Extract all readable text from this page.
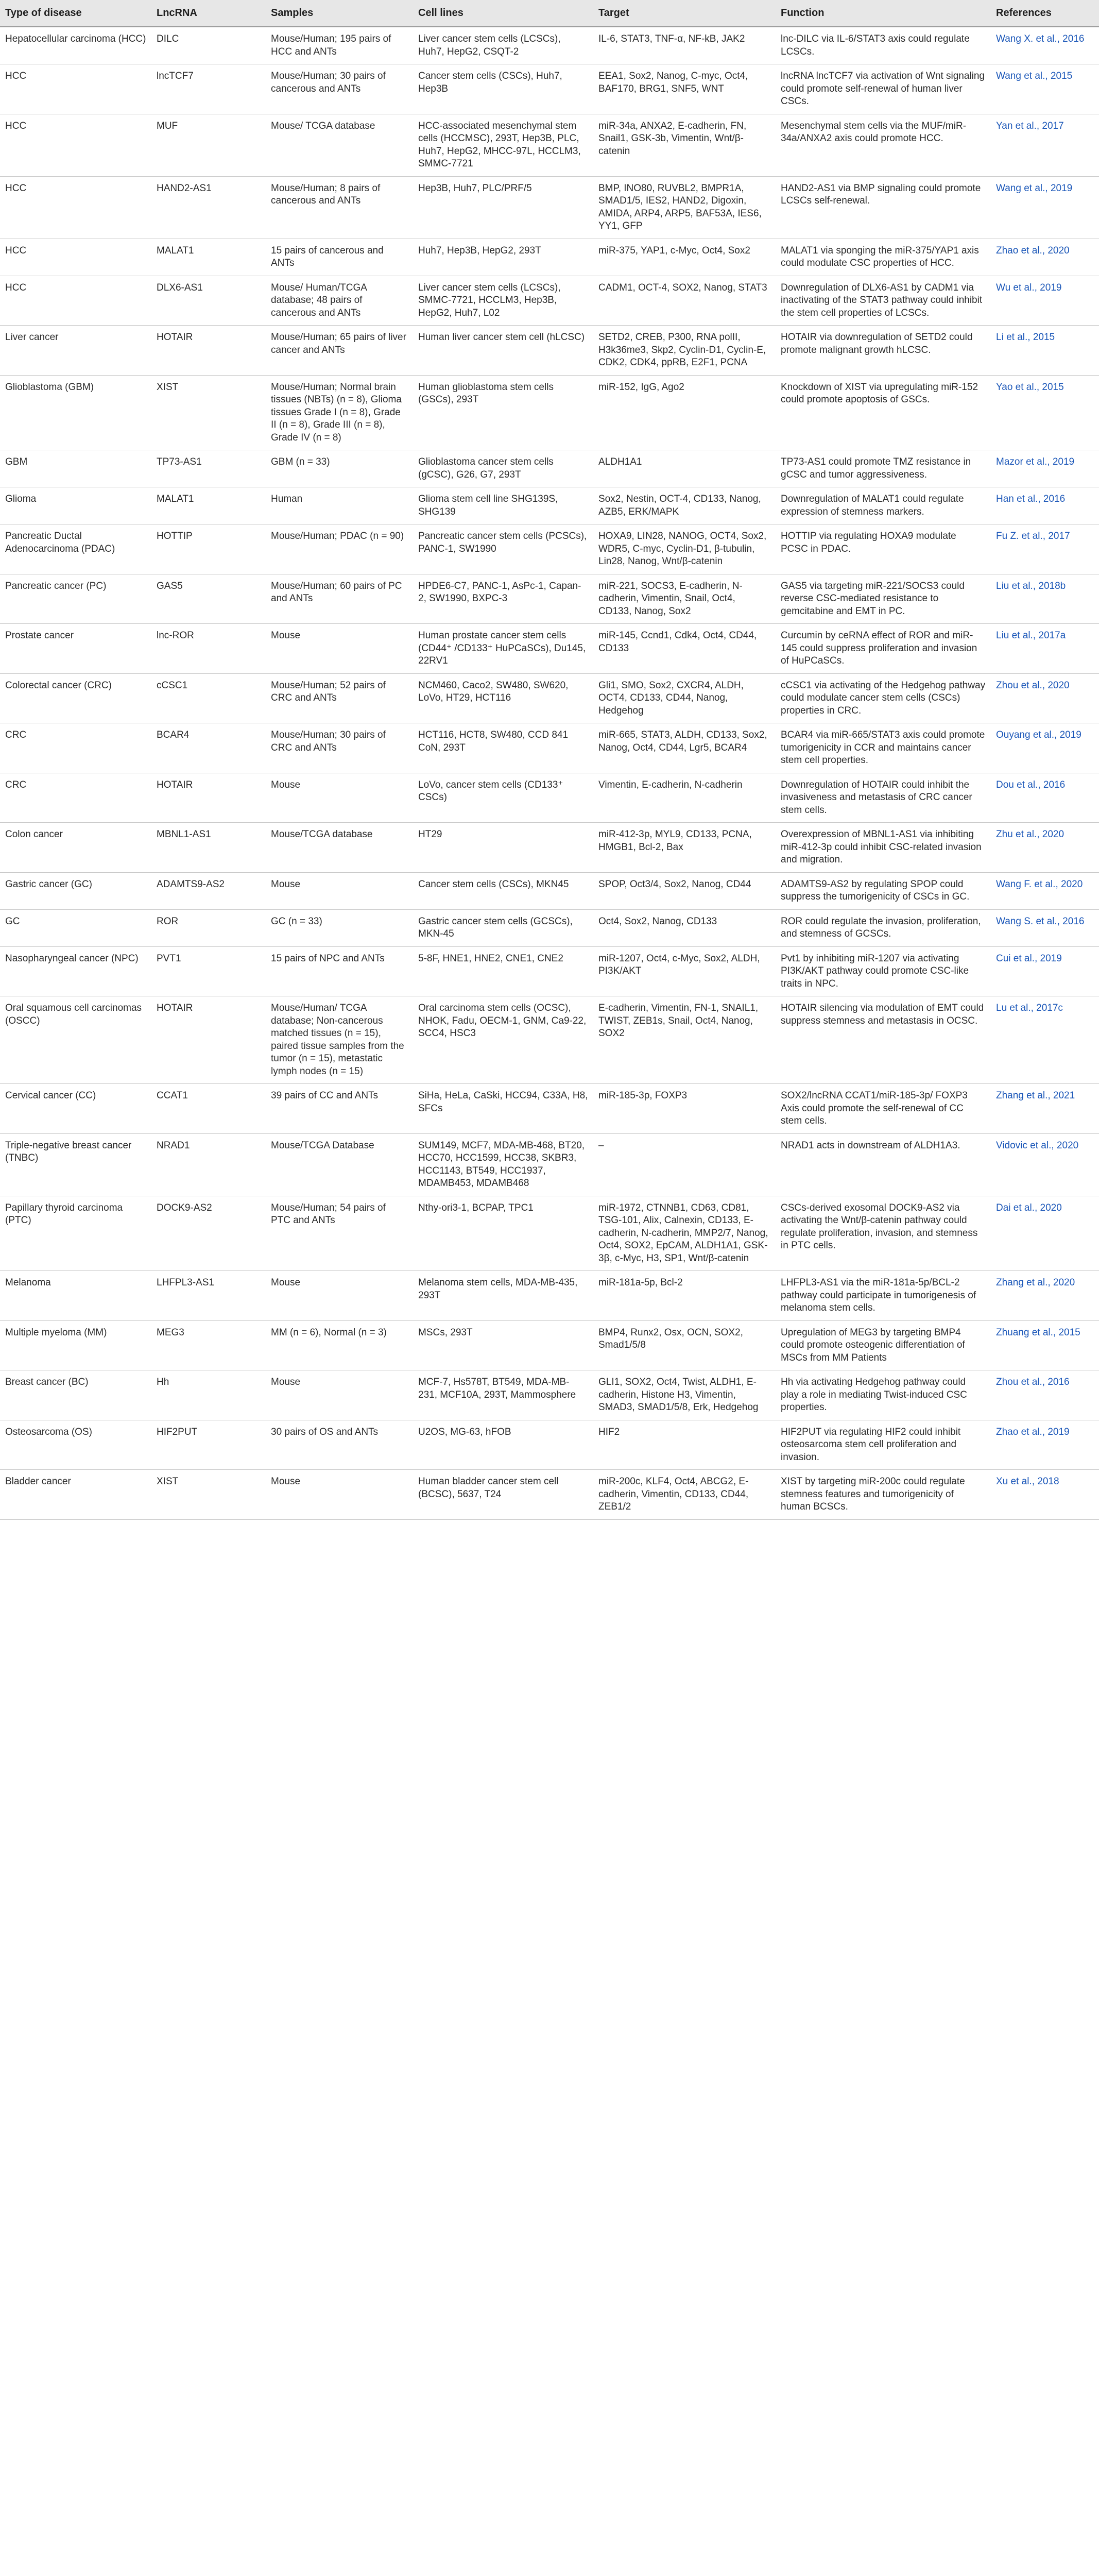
Type of disease	LncRNA	Samples	Cell lines	Target	Function	References
Hepatocellular carcinoma (HCC)	DILC	Mouse/Human; 195 pairs of HCC and ANTs	Liver cancer stem cells (LCSCs), Huh7, HepG2, CSQT-2	IL-6, STAT3, TNF-α, NF-kB, JAK2	lnc-DILC via IL-6/STAT3 axis could regulate LCSCs.	Wang X. et al., 2016
HCC	lncTCF7	Mouse/Human; 30 pairs of cancerous and ANTs	Cancer stem cells (CSCs), Huh7, Hep3B	EEA1, Sox2, Nanog, C-myc, Oct4, BAF170, BRG1, SNF5, WNT	lncRNA lncTCF7 via activation of Wnt signaling could promote self-renewal of human liver CSCs.	Wang et al., 2015
HCC	MUF	Mouse/ TCGA database	HCC-associated mesenchymal stem cells (HCCMSC), 293T, Hep3B, PLC, Huh7, HepG2, MHCC-97L, HCCLM3, SMMC-7721	miR-34a, ANXA2, E-cadherin, FN, Snail1, GSK-3b, Vimentin, Wnt/β-catenin	Mesenchymal stem cells via the MUF/miR-34a/ANXA2 axis could promote HCC.	Yan et al., 2017
HCC	HAND2-AS1	Mouse/Human; 8 pairs of cancerous and ANTs	Hep3B, Huh7, PLC/PRF/5	BMP, INO80, RUVBL2, BMPR1A, SMAD1/5, IES2, HAND2, Digoxin, AMIDA, ARP4, ARP5, BAF53A, IES6, YY1, GFP	HAND2-AS1 via BMP signaling could promote LCSCs self-renewal.	Wang et al., 2019
HCC	MALAT1	15 pairs of cancerous and ANTs	Huh7, Hep3B, HepG2, 293T	miR-375, YAP1, c-Myc, Oct4, Sox2	MALAT1 via sponging the miR-375/YAP1 axis could modulate CSC properties of HCC.	Zhao et al., 2020
HCC	DLX6-AS1	Mouse/ Human/TCGA database; 48 pairs of cancerous and ANTs	Liver cancer stem cells (LCSCs), SMMC-7721, HCCLM3, Hep3B, HepG2, Huh7, L02	CADM1, OCT-4, SOX2, Nanog, STAT3	Downregulation of DLX6-AS1 by CADM1 via inactivating of the STAT3 pathway could inhibit the stem cell properties of LCSCs.	Wu et al., 2019
Liver cancer	HOTAIR	Mouse/Human; 65 pairs of liver cancer and ANTs	Human liver cancer stem cell (hLCSC)	SETD2, CREB, P300, RNA polII, H3k36me3, Skp2, Cyclin-D1, Cyclin-E, CDK2, CDK4, ppRB, E2F1, PCNA	HOTAIR via downregulation of SETD2 could promote malignant growth hLCSC.	Li et al., 2015
Glioblastoma (GBM)	XIST	Mouse/Human; Normal brain tissues (NBTs) (n = 8), Glioma tissues Grade I (n = 8), Grade II (n = 8), Grade III (n = 8), Grade IV (n = 8)	Human glioblastoma stem cells (GSCs), 293T	miR-152, IgG, Ago2	Knockdown of XIST via upregulating miR-152 could promote apoptosis of GSCs.	Yao et al., 2015
GBM	TP73-AS1	GBM (n = 33)	Glioblastoma cancer stem cells (gCSC), G26, G7, 293T	ALDH1A1	TP73-AS1 could promote TMZ resistance in gCSC and tumor aggressiveness.	Mazor et al., 2019
Glioma	MALAT1	Human	Glioma stem cell line SHG139S, SHG139	Sox2, Nestin, OCT-4, CD133, Nanog, AZB5, ERK/MAPK	Downregulation of MALAT1 could regulate expression of stemness markers.	Han et al., 2016
Pancreatic Ductal Adenocarcinoma (PDAC)	HOTTIP	Mouse/Human; PDAC (n = 90)	Pancreatic cancer stem cells (PCSCs), PANC-1, SW1990	HOXA9, LIN28, NANOG, OCT4, Sox2, WDR5, C-myc, Cyclin-D1, β-tubulin, Lin28, Nanog, Wnt/β-catenin	HOTTIP via regulating HOXA9 modulate PCSC in PDAC.	Fu Z. et al., 2017
Pancreatic cancer (PC)	GAS5	Mouse/Human; 60 pairs of PC and ANTs	HPDE6-C7, PANC-1, AsPc-1, Capan-2, SW1990, BXPC-3	miR-221, SOCS3, E-cadherin, N-cadherin, Vimentin, Snail, Oct4, CD133, Nanog, Sox2	GAS5 via targeting miR-221/SOCS3 could reverse CSC-mediated resistance to gemcitabine and EMT in PC.	Liu et al., 2018b
Prostate cancer	lnc-ROR	Mouse	Human prostate cancer stem cells (CD44⁺ /CD133⁺ HuPCaSCs), Du145, 22RV1	miR-145, Ccnd1, Cdk4, Oct4, CD44, CD133	Curcumin by ceRNA effect of ROR and miR-145 could suppress proliferation and invasion of HuPCaSCs.	Liu et al., 2017a
Colorectal cancer (CRC)	cCSC1	Mouse/Human; 52 pairs of CRC and ANTs	NCM460, Caco2, SW480, SW620, LoVo, HT29, HCT116	Gli1, SMO, Sox2, CXCR4, ALDH, OCT4, CD133, CD44, Nanog, Hedgehog	cCSC1 via activating of the Hedgehog pathway could modulate cancer stem cells (CSCs) properties in CRC.	Zhou et al., 2020
CRC	BCAR4	Mouse/Human; 30 pairs of CRC and ANTs	HCT116, HCT8, SW480, CCD 841 CoN, 293T	miR-665, STAT3, ALDH, CD133, Sox2, Nanog, Oct4, CD44, Lgr5, BCAR4	BCAR4 via miR-665/STAT3 axis could promote tumorigenicity in CCR and maintains cancer stem cell properties.	Ouyang et al., 2019
CRC	HOTAIR	Mouse	LoVo, cancer stem cells (CD133⁺ CSCs)	Vimentin, E-cadherin, N-cadherin	Downregulation of HOTAIR could inhibit the invasiveness and metastasis of CRC cancer stem cells.	Dou et al., 2016
Colon cancer	MBNL1-AS1	Mouse/TCGA database	HT29	miR-412-3p, MYL9, CD133, PCNA, HMGB1, Bcl-2, Bax	Overexpression of MBNL1-AS1 via inhibiting miR-412-3p could inhibit CSC-related invasion and migration.	Zhu et al., 2020
Gastric cancer (GC)	ADAMTS9-AS2	Mouse	Cancer stem cells (CSCs), MKN45	SPOP, Oct3/4, Sox2, Nanog, CD44	ADAMTS9-AS2 by regulating SPOP could suppress the tumorigenicity of CSCs in GC.	Wang F. et al., 2020
GC	ROR	GC (n = 33)	Gastric cancer stem cells (GCSCs), MKN-45	Oct4, Sox2, Nanog, CD133	ROR could regulate the invasion, proliferation, and stemness of GCSCs.	Wang S. et al., 2016
Nasopharyngeal cancer (NPC)	PVT1	15 pairs of NPC and ANTs	5-8F, HNE1, HNE2, CNE1, CNE2	miR-1207, Oct4, c-Myc, Sox2, ALDH, PI3K/AKT	Pvt1 by inhibiting miR-1207 via activating PI3K/AKT pathway could promote CSC-like traits in NPC.	Cui et al., 2019
Oral squamous cell carcinomas (OSCC)	HOTAIR	Mouse/Human/ TCGA database; Non-cancerous matched tissues (n = 15), paired tissue samples from the tumor (n = 15), metastatic lymph nodes (n = 15)	Oral carcinoma stem cells (OCSC), NHOK, Fadu, OECM-1, GNM, Ca9-22, SCC4, HSC3	E-cadherin, Vimentin, FN-1, SNAIL1, TWIST, ZEB1s, Snail, Oct4, Nanog, SOX2	HOTAIR silencing via modulation of EMT could suppress stemness and metastasis in OCSC.	Lu et al., 2017c
Cervical cancer (CC)	CCAT1	39 pairs of CC and ANTs	SiHa, HeLa, CaSki, HCC94, C33A, H8, SFCs	miR-185-3p, FOXP3	SOX2/lncRNA CCAT1/miR-185-3p/ FOXP3 Axis could promote the self-renewal of CC stem cells.	Zhang et al., 2021
Triple-negative breast cancer (TNBC)	NRAD1	Mouse/TCGA Database	SUM149, MCF7, MDA-MB-468, BT20, HCC70, HCC1599, HCC38, SKBR3, HCC1143, BT549, HCC1937, MDAMB453, MDAMB468	–	NRAD1 acts in downstream of ALDH1A3.	Vidovic et al., 2020
Papillary thyroid carcinoma (PTC)	DOCK9-AS2	Mouse/Human; 54 pairs of PTC and ANTs	Nthy-ori3-1, BCPAP, TPC1	miR-1972, CTNNB1, CD63, CD81, TSG-101, Alix, Calnexin, CD133, E-cadherin, N-cadherin, MMP2/7, Nanog, Oct4, SOX2, EpCAM, ALDH1A1, GSK-3β, c-Myc, H3, SP1, Wnt/β-catenin	CSCs-derived exosomal DOCK9-AS2 via activating the Wnt/β-catenin pathway could regulate proliferation, invasion, and stemness in PTC cells.	Dai et al., 2020
Melanoma	LHFPL3-AS1	Mouse	Melanoma stem cells, MDA-MB-435, 293T	miR-181a-5p, Bcl-2	LHFPL3-AS1 via the miR-181a-5p/BCL-2 pathway could participate in tumorigenesis of melanoma stem cells.	Zhang et al., 2020
Multiple myeloma (MM)	MEG3	MM (n = 6), Normal (n = 3)	MSCs, 293T	BMP4, Runx2, Osx, OCN, SOX2, Smad1/5/8	Upregulation of MEG3 by targeting BMP4 could promote osteogenic differentiation of MSCs from MM Patients	Zhuang et al., 2015
Breast cancer (BC)	Hh	Mouse	MCF-7, Hs578T, BT549, MDA-MB-231, MCF10A, 293T, Mammosphere	GLI1, SOX2, Oct4, Twist, ALDH1, E-cadherin, Histone H3, Vimentin, SMAD3, SMAD1/5/8, Erk, Hedgehog	Hh via activating Hedgehog pathway could play a role in mediating Twist-induced CSC properties.	Zhou et al., 2016
Osteosarcoma (OS)	HIF2PUT	30 pairs of OS and ANTs	U2OS, MG-63, hFOB	HIF2	HIF2PUT via regulating HIF2 could inhibit osteosarcoma stem cell proliferation and invasion.	Zhao et al., 2019
Bladder cancer	XIST	Mouse	Human bladder cancer stem cell (BCSC), 5637, T24	miR-200c, KLF4, Oct4, ABCG2, E-cadherin, Vimentin, CD133, CD44, ZEB1/2	XIST by targeting miR-200c could regulate stemness features and tumorigenicity of human BCSCs.	Xu et al., 2018
